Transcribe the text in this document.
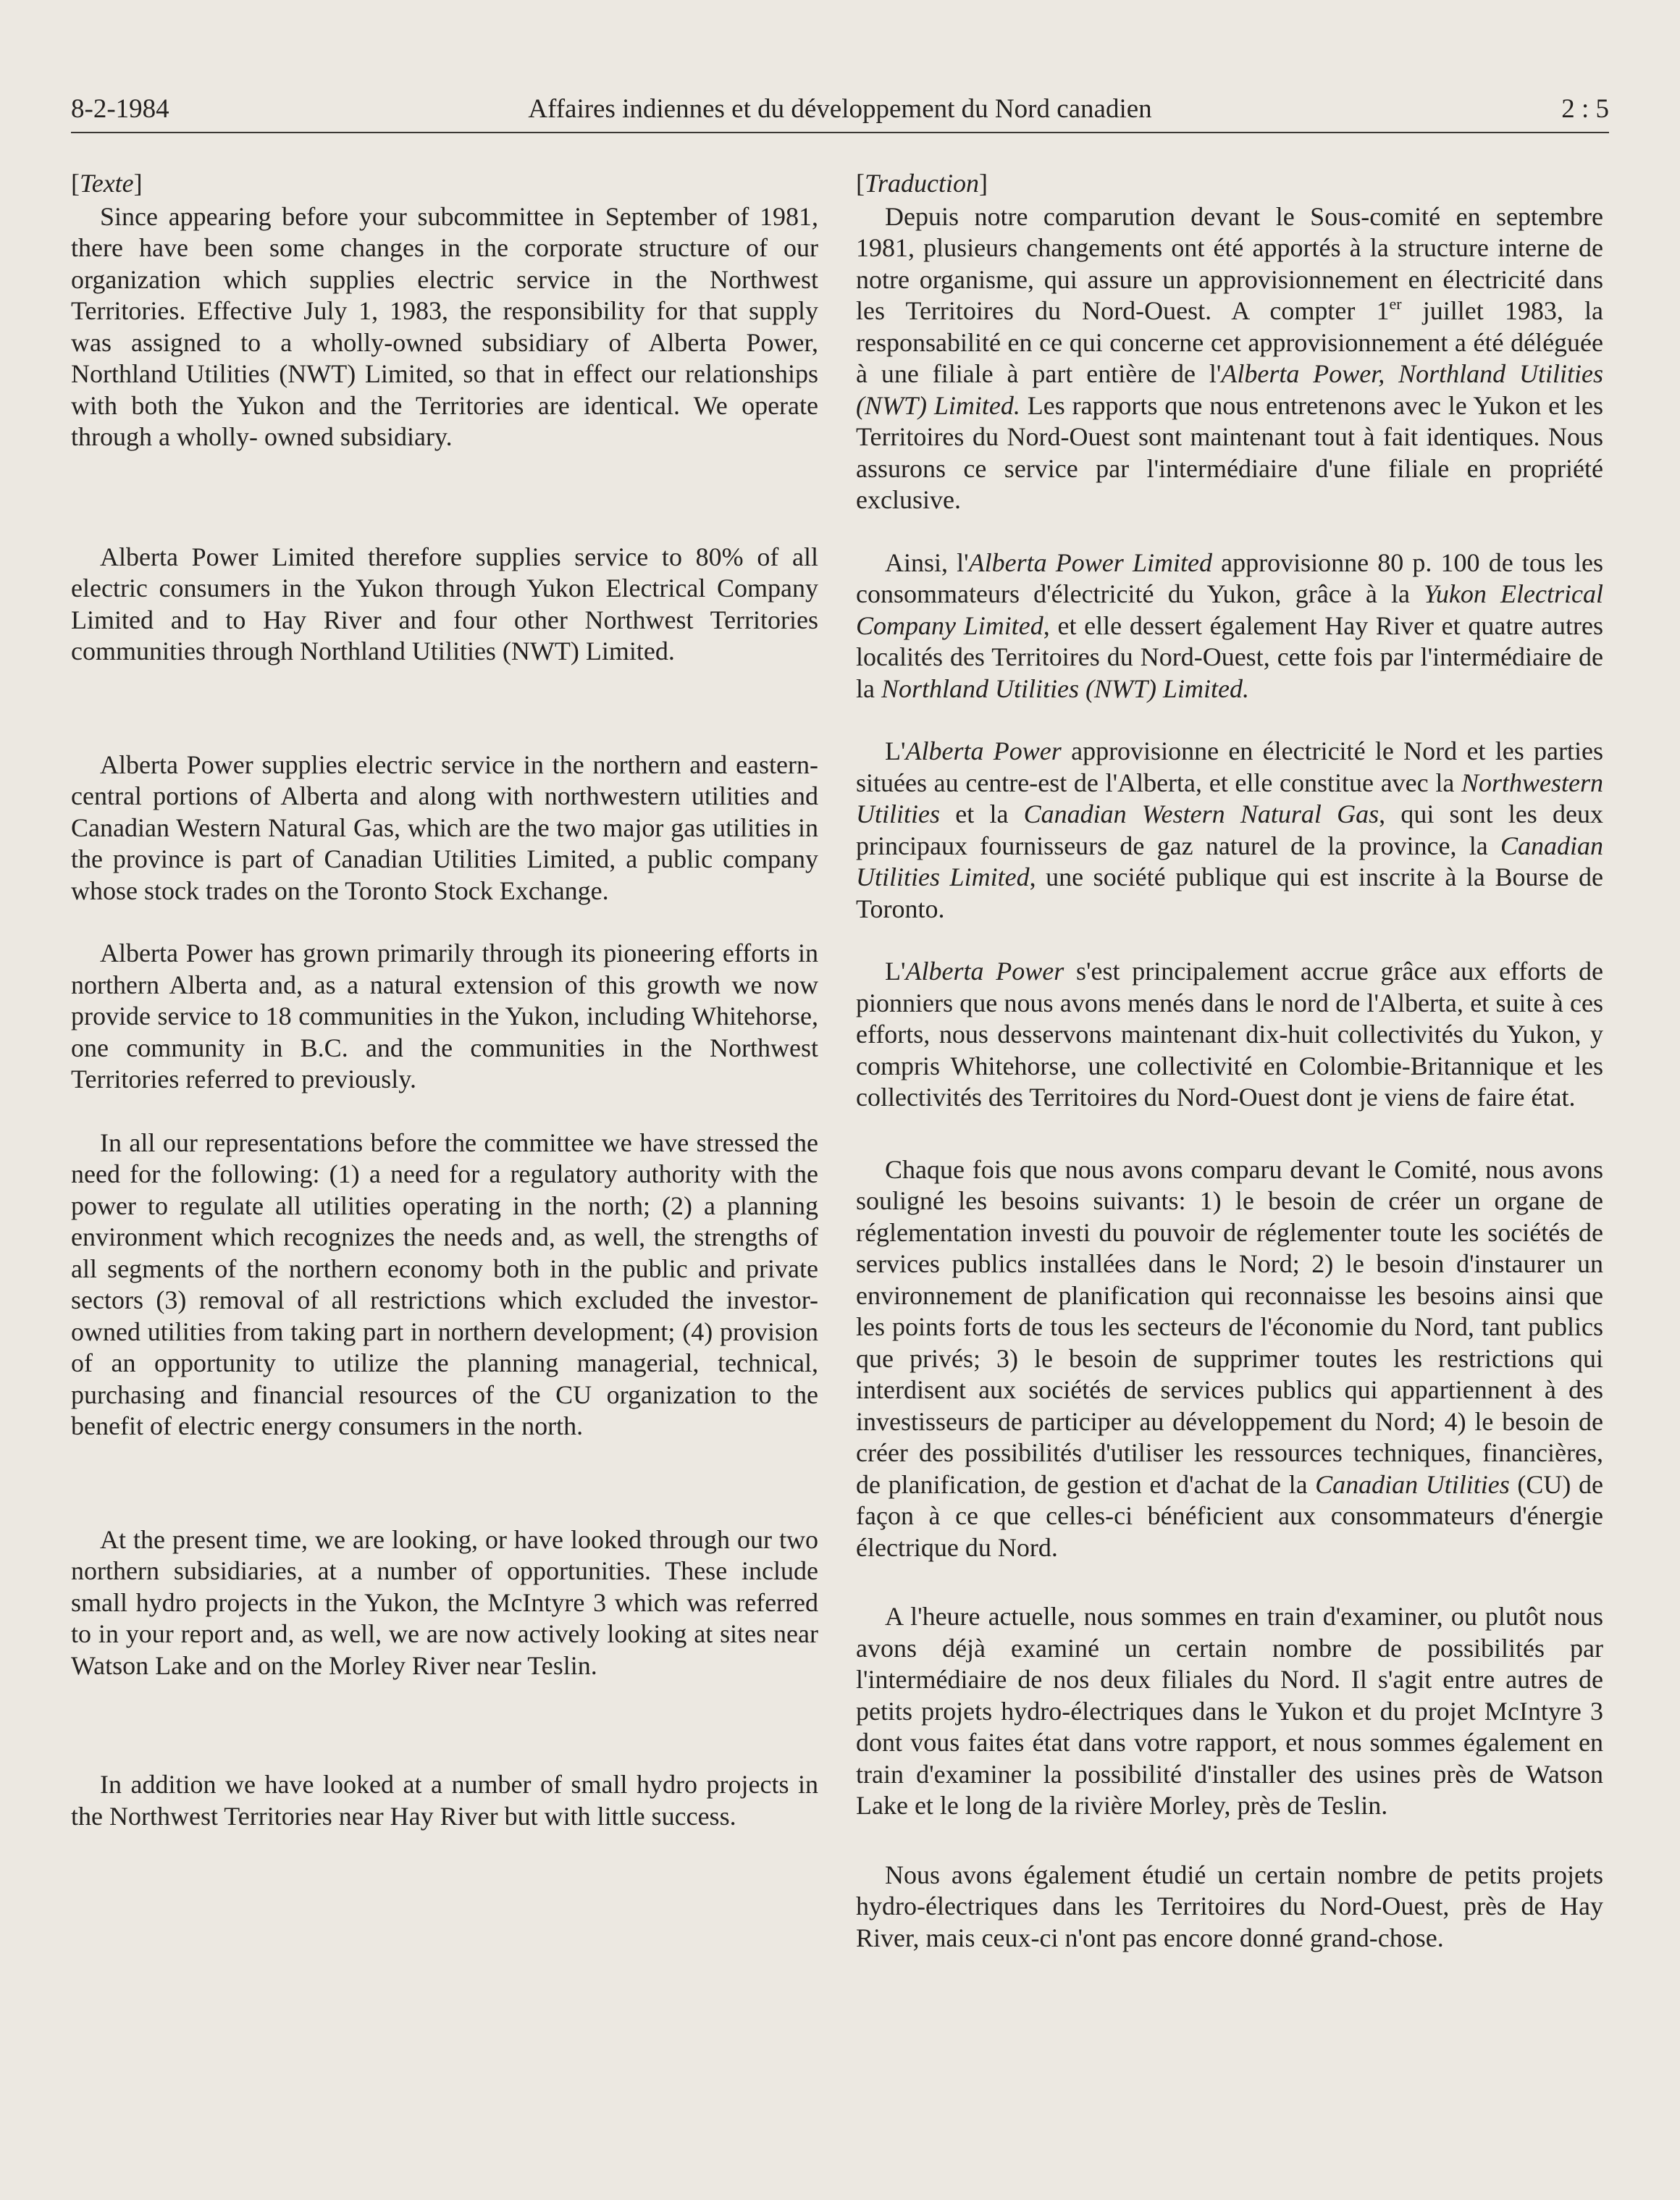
8-2-1984	Affaires indiennes et du développement du Nord canadien	2 : 5

[Texte]

Since appearing before your subcommittee in September of 1981, there have been some changes in the corporate structure of our organization which supplies electric service in the Northwest Territories. Effective July 1, 1983, the responsibility for that supply was assigned to a wholly-owned subsidiary of Alberta Power, Northland Utilities (NWT) Limited, so that in effect our relationships with both the Yukon and the Territories are identical. We operate through a wholly- owned subsidiary.

Alberta Power Limited therefore supplies service to 80% of all electric consumers in the Yukon through Yukon Electrical Company Limited and to Hay River and four other Northwest Territories communities through Northland Utilities (NWT) Limited.

Alberta Power supplies electric service in the northern and eastern- central portions of Alberta and along with northwestern utilities and Canadian Western Natural Gas, which are the two major gas utilities in the province is part of Canadian Utilities Limited, a public company whose stock trades on the Toronto Stock Exchange.

Alberta Power has grown primarily through its pioneering efforts in northern Alberta and, as a natural extension of this growth we now provide service to 18 communities in the Yukon, including Whitehorse, one community in B.C. and the communities in the Northwest Territories referred to previously.

In all our representations before the committee we have stressed the need for the following: (1) a need for a regulatory authority with the power to regulate all utilities operating in the north; (2) a planning environment which recognizes the needs and, as well, the strengths of all segments of the northern economy both in the public and private sectors (3) removal of all restrictions which excluded the investor-owned utilities from taking part in northern development; (4) provision of an opportunity to utilize the planning managerial, technical, purchasing and financial resources of the CU organization to the benefit of electric energy consumers in the north.

At the present time, we are looking, or have looked through our two northern subsidiaries, at a number of opportunities. These include small hydro projects in the Yukon, the McIntyre 3 which was referred to in your report and, as well, we are now actively looking at sites near Watson Lake and on the Morley River near Teslin.

In addition we have looked at a number of small hydro projects in the Northwest Territories near Hay River but with little success.

[Traduction]

Depuis notre comparution devant le Sous-comité en septembre 1981, plusieurs changements ont été apportés à la structure interne de notre organisme, qui assure un approvisionnement en électricité dans les Territoires du Nord-Ouest. A compter 1er juillet 1983, la responsabilité en ce qui concerne cet approvisionnement a été déléguée à une filiale à part entière de l'Alberta Power, Northland Utilities (NWT) Limited. Les rapports que nous entretenons avec le Yukon et les Territoires du Nord-Ouest sont maintenant tout à fait identiques. Nous assurons ce service par l'intermédiaire d'une filiale en propriété exclusive.

Ainsi, l'Alberta Power Limited approvisionne 80 p. 100 de tous les consommateurs d'électricité du Yukon, grâce à la Yukon Electrical Company Limited, et elle dessert également Hay River et quatre autres localités des Territoires du Nord-Ouest, cette fois par l'intermédiaire de la Northland Utilities (NWT) Limited.

L'Alberta Power approvisionne en électricité le Nord et les parties situées au centre-est de l'Alberta, et elle constitue avec la Northwestern Utilities et la Canadian Western Natural Gas, qui sont les deux principaux fournisseurs de gaz naturel de la province, la Canadian Utilities Limited, une société publique qui est inscrite à la Bourse de Toronto.

L'Alberta Power s'est principalement accrue grâce aux efforts de pionniers que nous avons menés dans le nord de l'Alberta, et suite à ces efforts, nous desservons maintenant dix-huit collectivités du Yukon, y compris Whitehorse, une collectivité en Colombie-Britannique et les collectivités des Territoires du Nord-Ouest dont je viens de faire état.

Chaque fois que nous avons comparu devant le Comité, nous avons souligné les besoins suivants: 1) le besoin de créer un organe de réglementation investi du pouvoir de réglementer toute les sociétés de services publics installées dans le Nord; 2) le besoin d'instaurer un environnement de planification qui reconnaisse les besoins ainsi que les points forts de tous les secteurs de l'économie du Nord, tant publics que privés; 3) le besoin de supprimer toutes les restrictions qui interdisent aux sociétés de services publics qui appartiennent à des investisseurs de participer au développement du Nord; 4) le besoin de créer des possibilités d'utiliser les ressources techniques, financières, de planification, de gestion et d'achat de la Canadian Utilities (CU) de façon à ce que celles-ci bénéficient aux consommateurs d'énergie électrique du Nord.

A l'heure actuelle, nous sommes en train d'examiner, ou plutôt nous avons déjà examiné un certain nombre de possibilités par l'intermédiaire de nos deux filiales du Nord. Il s'agit entre autres de petits projets hydro-électriques dans le Yukon et du projet McIntyre 3 dont vous faites état dans votre rapport, et nous sommes également en train d'examiner la possibilité d'installer des usines près de Watson Lake et le long de la rivière Morley, près de Teslin.

Nous avons également étudié un certain nombre de petits projets hydro-électriques dans les Territoires du Nord-Ouest, près de Hay River, mais ceux-ci n'ont pas encore donné grand-chose.
